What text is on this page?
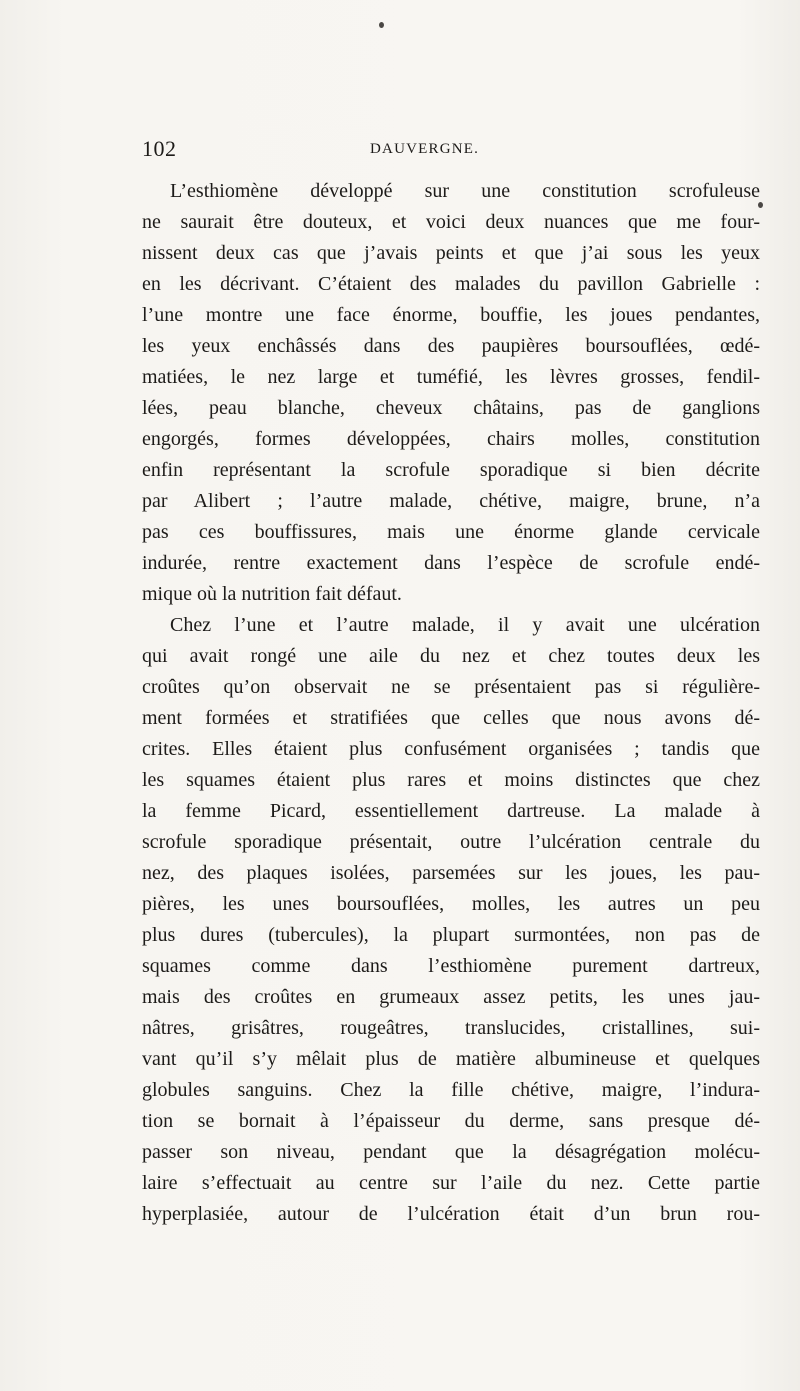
102	DAUVERGNE.
L’esthiomène développé sur une constitution scrofuleuse
ne saurait être douteux, et voici deux nuances que me four-
nissent deux cas que j’avais peints et que j’ai sous les yeux
en les décrivant. C’étaient des malades du pavillon Gabrielle :
l’une montre une face énorme, bouffie, les joues pendantes,
les yeux enchâssés dans des paupières boursouflées, œdé-
matiées, le nez large et tuméfié, les lèvres grosses, fendil-
lées, peau blanche, cheveux châtains, pas de ganglions
engorgés, formes développées, chairs molles, constitution
enfin représentant la scrofule sporadique si bien décrite
par Alibert ; l’autre malade, chétive, maigre, brune, n’a
pas ces bouffissures, mais une énorme glande cervicale
indurée, rentre exactement dans l’espèce de scrofule endé-
mique où la nutrition fait défaut.
Chez l’une et l’autre malade, il y avait une ulcération
qui avait rongé une aile du nez et chez toutes deux les
croûtes qu’on observait ne se présentaient pas si régulière-
ment formées et stratifiées que celles que nous avons dé-
crites. Elles étaient plus confusément organisées ; tandis que
les squames étaient plus rares et moins distinctes que chez
la femme Picard, essentiellement dartreuse. La malade à
scrofule sporadique présentait, outre l’ulcération centrale du
nez, des plaques isolées, parsemées sur les joues, les pau-
pières, les unes boursouflées, molles, les autres un peu
plus dures (tubercules), la plupart surmontées, non pas de
squames comme dans l’esthiomène purement dartreux,
mais des croûtes en grumeaux assez petits, les unes jau-
nâtres, grisâtres, rougeâtres, translucides, cristallines, sui-
vant qu’il s’y mêlait plus de matière albumineuse et quelques
globules sanguins. Chez la fille chétive, maigre, l’indura-
tion se bornait à l’épaisseur du derme, sans presque dé-
passer son niveau, pendant que la désagrégation molécu-
laire s’effectuait au centre sur l’aile du nez. Cette partie
hyperplasiée, autour de l’ulcération était d’un brun rou-
